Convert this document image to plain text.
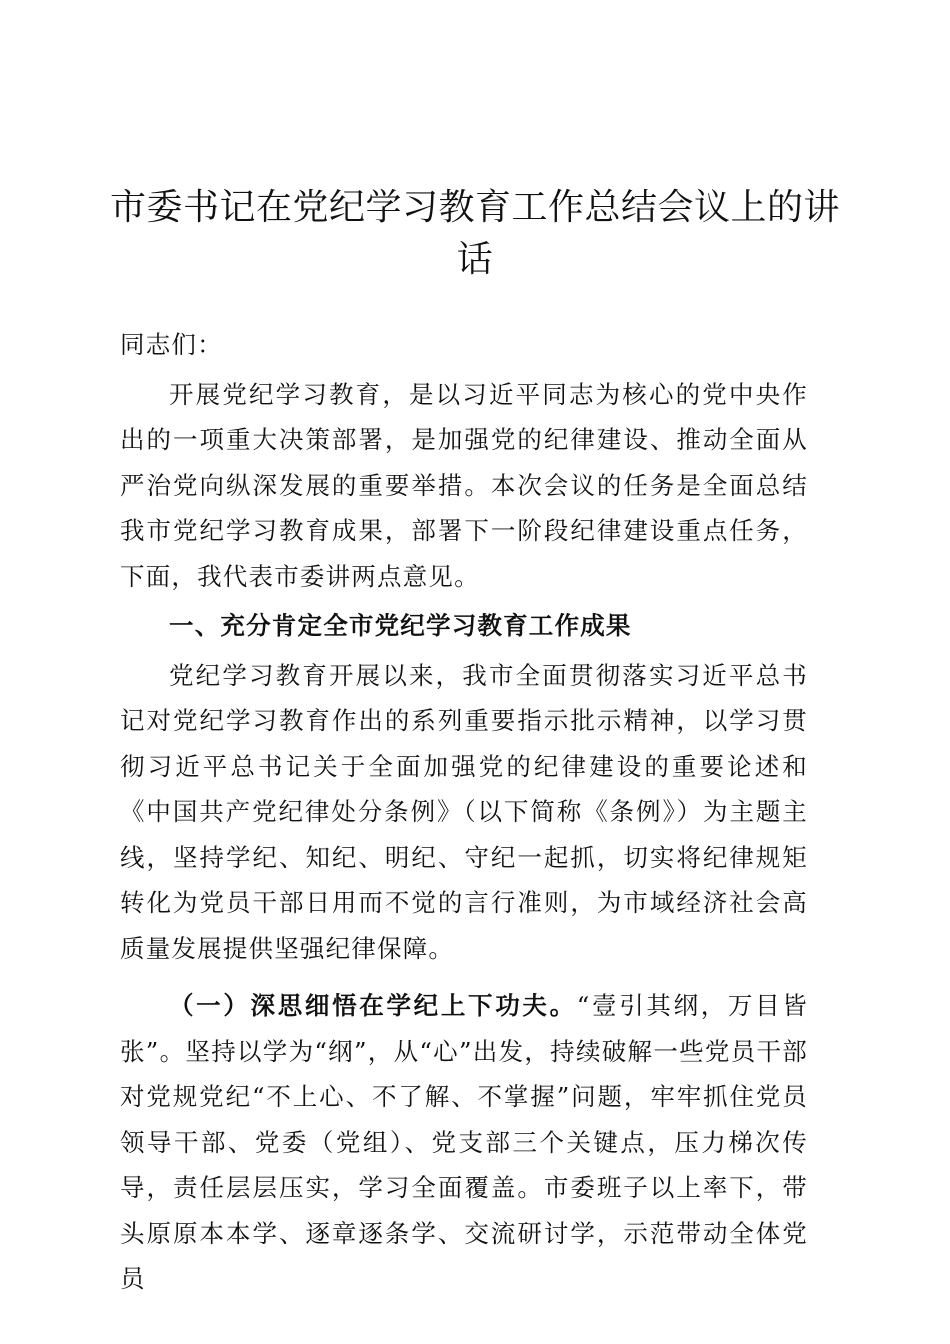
市委书记在党纪学习教育工作总结会议上的讲话

同志们：

开展党纪学习教育，是以习近平同志为核心的党中央作出的一项重大决策部署，是加强党的纪律建设、推动全面从严治党向纵深发展的重要举措。本次会议的任务是全面总结我市党纪学习教育成果，部署下一阶段纪律建设重点任务，下面，我代表市委讲两点意见。

一、充分肯定全市党纪学习教育工作成果

党纪学习教育开展以来，我市全面贯彻落实习近平总书记对党纪学习教育作出的系列重要指示批示精神，以学习贯彻习近平总书记关于全面加强党的纪律建设的重要论述和《中国共产党纪律处分条例》（以下简称《条例》）为主题主线，坚持学纪、知纪、明纪、守纪一起抓，切实将纪律规矩转化为党员干部日用而不觉的言行准则，为市域经济社会高质量发展提供坚强纪律保障。

（一）深思细悟在学纪上下功夫。“壹引其纲，万目皆张”。坚持以学为“纲”，从“心”出发，持续破解一些党员干部对党规党纪“不上心、不了解、不掌握”问题，牢牢抓住党员领导干部、党委（党组）、党支部三个关键点，压力梯次传导，责任层层压实，学习全面覆盖。市委班子以上率下，带头原原本本学、逐章逐条学、交流研讨学，示范带动全体党员
